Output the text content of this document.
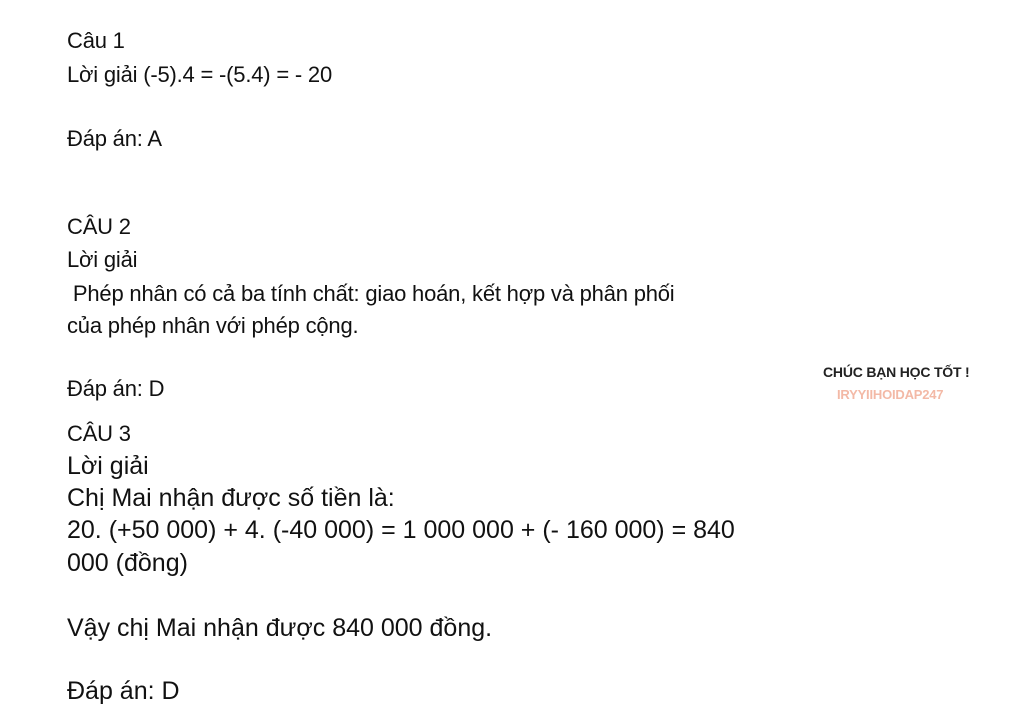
Câu 1

Lời giải (-5).4 = -(5.4) = - 20

Đáp án: A

CÂU 2

Lời giải

Phép nhân có cả ba tính chất: giao hoán, kết hợp và phân phối

của phép nhân với phép cộng.

Đáp án: D

CÂU 3

Lời giải

Chị Mai nhận được số tiền là:

20. (+50 000) + 4. (-40 000) = 1 000 000 + (- 160 000) = 840

000 (đồng)

Vậy chị Mai nhận được 840 000 đồng.

Đáp án: D

CHÚC BẠN HỌC TỐT !
IRYYIIHOIDAP247
